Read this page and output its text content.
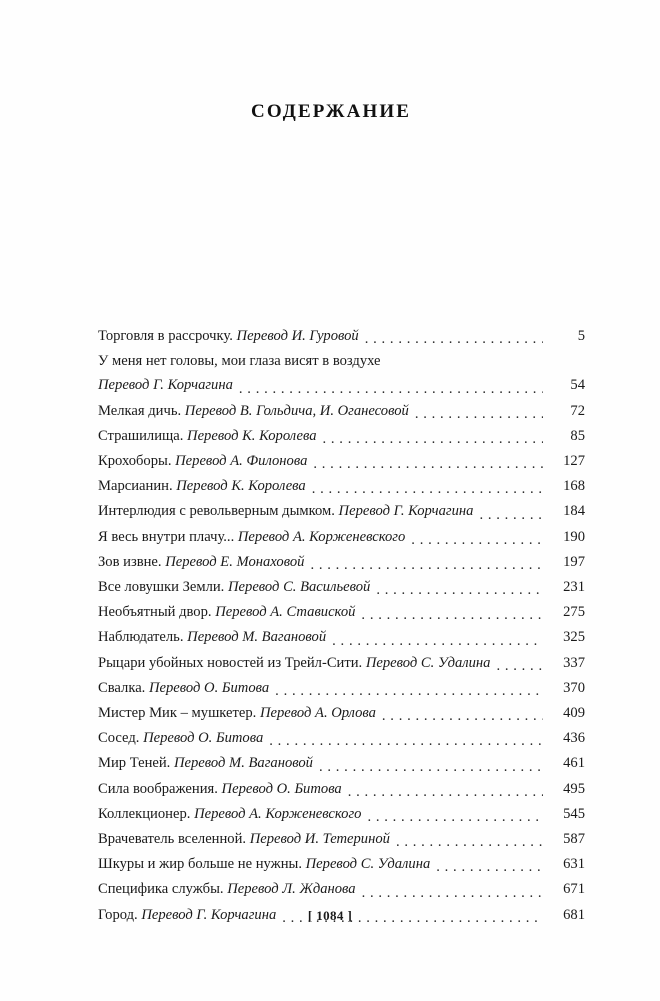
СОДЕРЖАНИЕ
Торговля в рассрочку. Перевод И. Гуровой . . .	5
У меня нет головы, мои глаза висят в воздухе
Перевод Г. Корчагина . . .	54
Мелкая дичь. Перевод В. Гольдича, И. Оганесовой . . .	72
Страшилища. Перевод К. Королева . . .	85
Крохоборы. Перевод А. Филонова . . .	127
Марсианин. Перевод К. Королева . . .	168
Интерлюдия с револьверным дымком. Перевод Г. Корчагина . . .	184
Я весь внутри плачу... Перевод А. Корженевского . . .	190
Зов извне. Перевод Е. Монаховой . . .	197
Все ловушки Земли. Перевод С. Васильевой . . .	231
Необъятный двор. Перевод А. Ставиской . . .	275
Наблюдатель. Перевод М. Вагановой . . .	325
Рыцари убойных новостей из Трейл-Сити. Перевод С. Удалина . . .	337
Свалка. Перевод О. Битова . . .	370
Мистер Мик – мушкетер. Перевод А. Орлова . . .	409
Сосед. Перевод О. Битова . . .	436
Мир Теней. Перевод М. Вагановой . . .	461
Сила воображения. Перевод О. Битова . . .	495
Коллекционер. Перевод А. Корженевского . . .	545
Врачеватель вселенной. Перевод И. Тетериной . . .	587
Шкуры и жир больше не нужны. Перевод С. Удалина . . .	631
Специфика службы. Перевод Л. Жданова . . .	671
Город. Перевод Г. Корчагина . . .	681
[ 1084 ]
